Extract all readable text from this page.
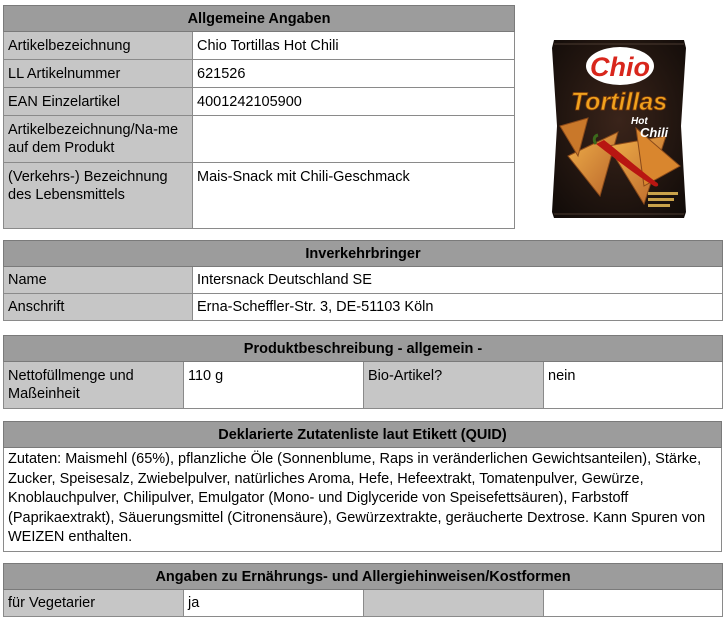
Allgemeine Angaben	
Artikelbezeichnung	Chio Tortillas Hot Chili
LL Artikelnummer	621526
EAN Einzelartikel	4001242105900
Artikelbezeichnung/Na-me auf dem Produkt	
(Verkehrs-) Bezeichnung des Lebensmittels	Mais-Snack mit Chili-Geschmack
Chio
Tortillas
Hot
Chili
Inverkehrbringer	
Name	Intersnack Deutschland SE
Anschrift	Erna-Scheffler-Str. 3, DE-51103 Köln
Produktbeschreibung - allgemein -
Nettofüllmenge und Maßeinheit	110 g	Bio-Artikel?	nein
Deklarierte Zutatenliste laut Etikett (QUID)
Zutaten: Maismehl (65%), pflanzliche Öle (Sonnenblume, Raps in veränderlichen Gewichtsanteilen), Stärke, Zucker, Speisesalz, Zwiebelpulver, natürliches Aroma, Hefe, Hefeextrakt, Tomatenpulver, Gewürze, Knoblauchpulver, Chilipulver, Emulgator (Mono- und Diglyceride von Speisefettsäuren), Farbstoff (Paprikaextrakt), Säuerungsmittel (Citronensäure), Gewürzextrakte, geräucherte Dextrose. Kann Spuren von WEIZEN enthalten.
Angaben zu Ernährungs- und Allergiehinweisen/Kostformen
für Vegetarier	ja		
